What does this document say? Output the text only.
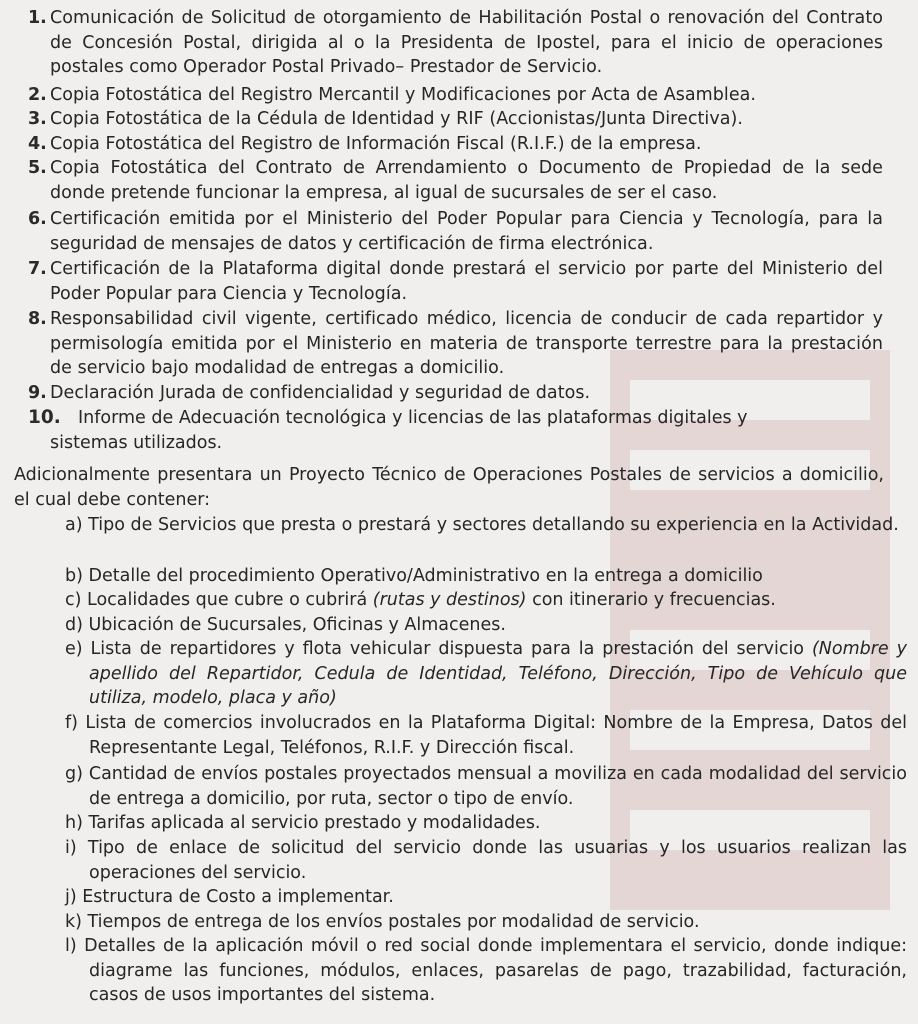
1. Comunicación de Solicitud de otorgamiento de Habilitación Postal o renovación del Contrato de Concesión Postal, dirigida al o la Presidenta de Ipostel, para el inicio de operaciones postales como Operador Postal Privado– Prestador de Servicio.

2. Copia Fotostática del Registro Mercantil y Modificaciones por Acta de Asamblea.

3. Copia Fotostática de la Cédula de Identidad y RIF (Accionistas/Junta Directiva).

4. Copia Fotostática del Registro de Información Fiscal (R.I.F.) de la empresa.

5. Copia Fotostática del Contrato de Arrendamiento o Documento de Propiedad de la sede donde pretende funcionar la empresa, al igual de sucursales de ser el caso.

6. Certificación emitida por el Ministerio del Poder Popular para Ciencia y Tecnología, para la seguridad de mensajes de datos y certificación de firma electrónica.

7. Certificación de la Plataforma digital donde prestará el servicio por parte del Ministerio del Poder Popular para Ciencia y Tecnología.

8. Responsabilidad civil vigente, certificado médico, licencia de conducir de cada repartidor y permisología emitida por el Ministerio en materia de transporte terrestre para la prestación de servicio bajo modalidad de entregas a domicilio.

9. Declaración Jurada de confidencialidad y seguridad de datos.

10. Informe de Adecuación tecnológica y licencias de las plataformas digitales y

sistemas utilizados.

Adicionalmente presentara un Proyecto Técnico de Operaciones Postales de servicios a domicilio, el cual debe contener:

a) Tipo de Servicios que presta o prestará y sectores detallando su experiencia en la Actividad.

b) Detalle del procedimiento Operativo/Administrativo en la entrega a domicilio

c) Localidades que cubre o cubrirá (rutas y destinos) con itinerario y frecuencias.

d) Ubicación de Sucursales, Oficinas y Almacenes.

e) Lista de repartidores y flota vehicular dispuesta para la prestación del servicio (Nombre y apellido del Repartidor, Cedula de Identidad, Teléfono, Dirección, Tipo de Vehículo que utiliza, modelo, placa y año)

f) Lista de comercios involucrados en la Plataforma Digital: Nombre de la Empresa, Datos del Representante Legal, Teléfonos, R.I.F. y Dirección fiscal.

g) Cantidad de envíos postales proyectados mensual a moviliza en cada modalidad del servicio de entrega a domicilio, por ruta, sector o tipo de envío.

h) Tarifas aplicada al servicio prestado y modalidades.

i) Tipo de enlace de solicitud del servicio donde las usuarias y los usuarios realizan las operaciones del servicio.

j) Estructura de Costo a implementar.

k) Tiempos de entrega de los envíos postales por modalidad de servicio.

l) Detalles de la aplicación móvil o red social donde implementara el servicio, donde indique: diagrame las funciones, módulos, enlaces, pasarelas de pago, trazabilidad, facturación, casos de usos importantes del sistema.
